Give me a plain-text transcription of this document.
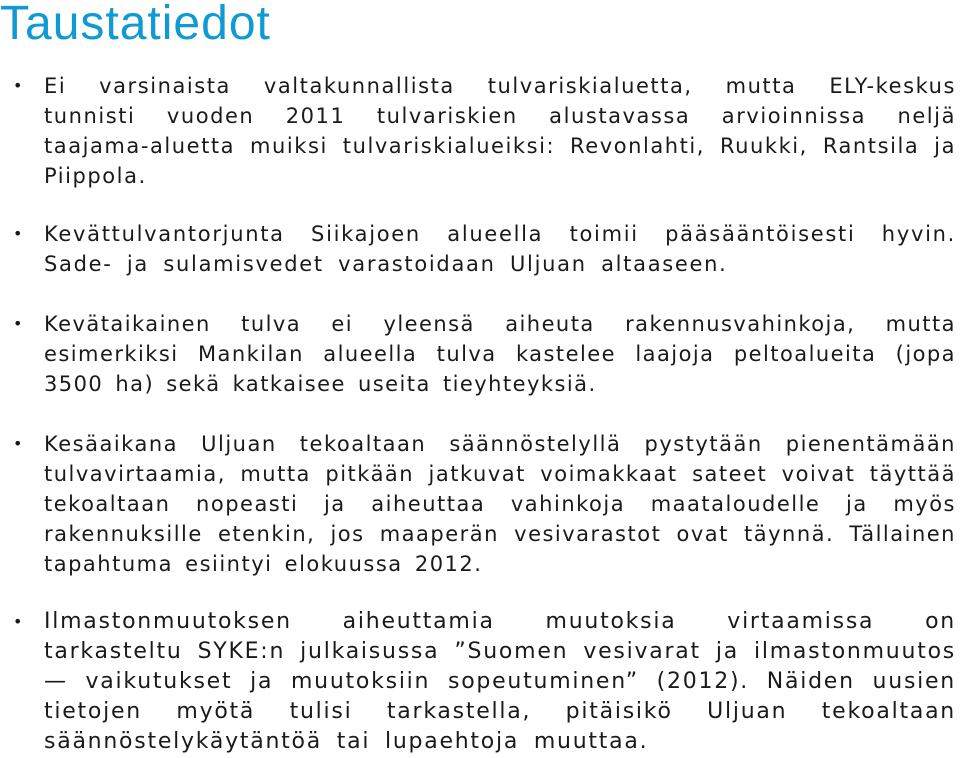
Taustatiedot
• Ei varsinaista valtakunnallista tulvariskialuetta, mutta ELY-keskus tunnisti vuoden 2011 tulvariskien alustavassa arvioinnissa neljä taajama-aluetta muiksi tulvariskialueiksi: Revonlahti, Ruukki, Rantsila ja Piippola.
• Kevättulvantorjunta Siikajoen alueella toimii pääsääntöisesti hyvin. Sade- ja sulamisvedet varastoidaan Uljuan altaaseen.
• Kevätaikainen tulva ei yleensä aiheuta rakennusvahinkoja, mutta esimerkiksi Mankilan alueella tulva kastelee laajoja peltoalueita (jopa 3500 ha) sekä katkaisee useita tieyhteyksiä.
• Kesäaikana Uljuan tekoaltaan säännöstelyllä pystytään pienentämään tulvavirtaamia, mutta pitkään jatkuvat voimakkaat sateet voivat täyttää tekoaltaan nopeasti ja aiheuttaa vahinkoja maataloudelle ja myös rakennuksille etenkin, jos maaperän vesivarastot ovat täynnä. Tällainen tapahtuma esiintyi elokuussa 2012.
• Ilmastonmuutoksen aiheuttamia muutoksia virtaamissa on tarkasteltu SYKE:n julkaisussa ”Suomen vesivarat ja ilmastonmuutos — vaikutukset ja muutoksiin sopeutuminen” (2012). Näiden uusien tietojen myötä tulisi tarkastella, pitäisikö Uljuan tekoaltaan säännöstelykäytäntöä tai lupaehtoja muuttaa.
